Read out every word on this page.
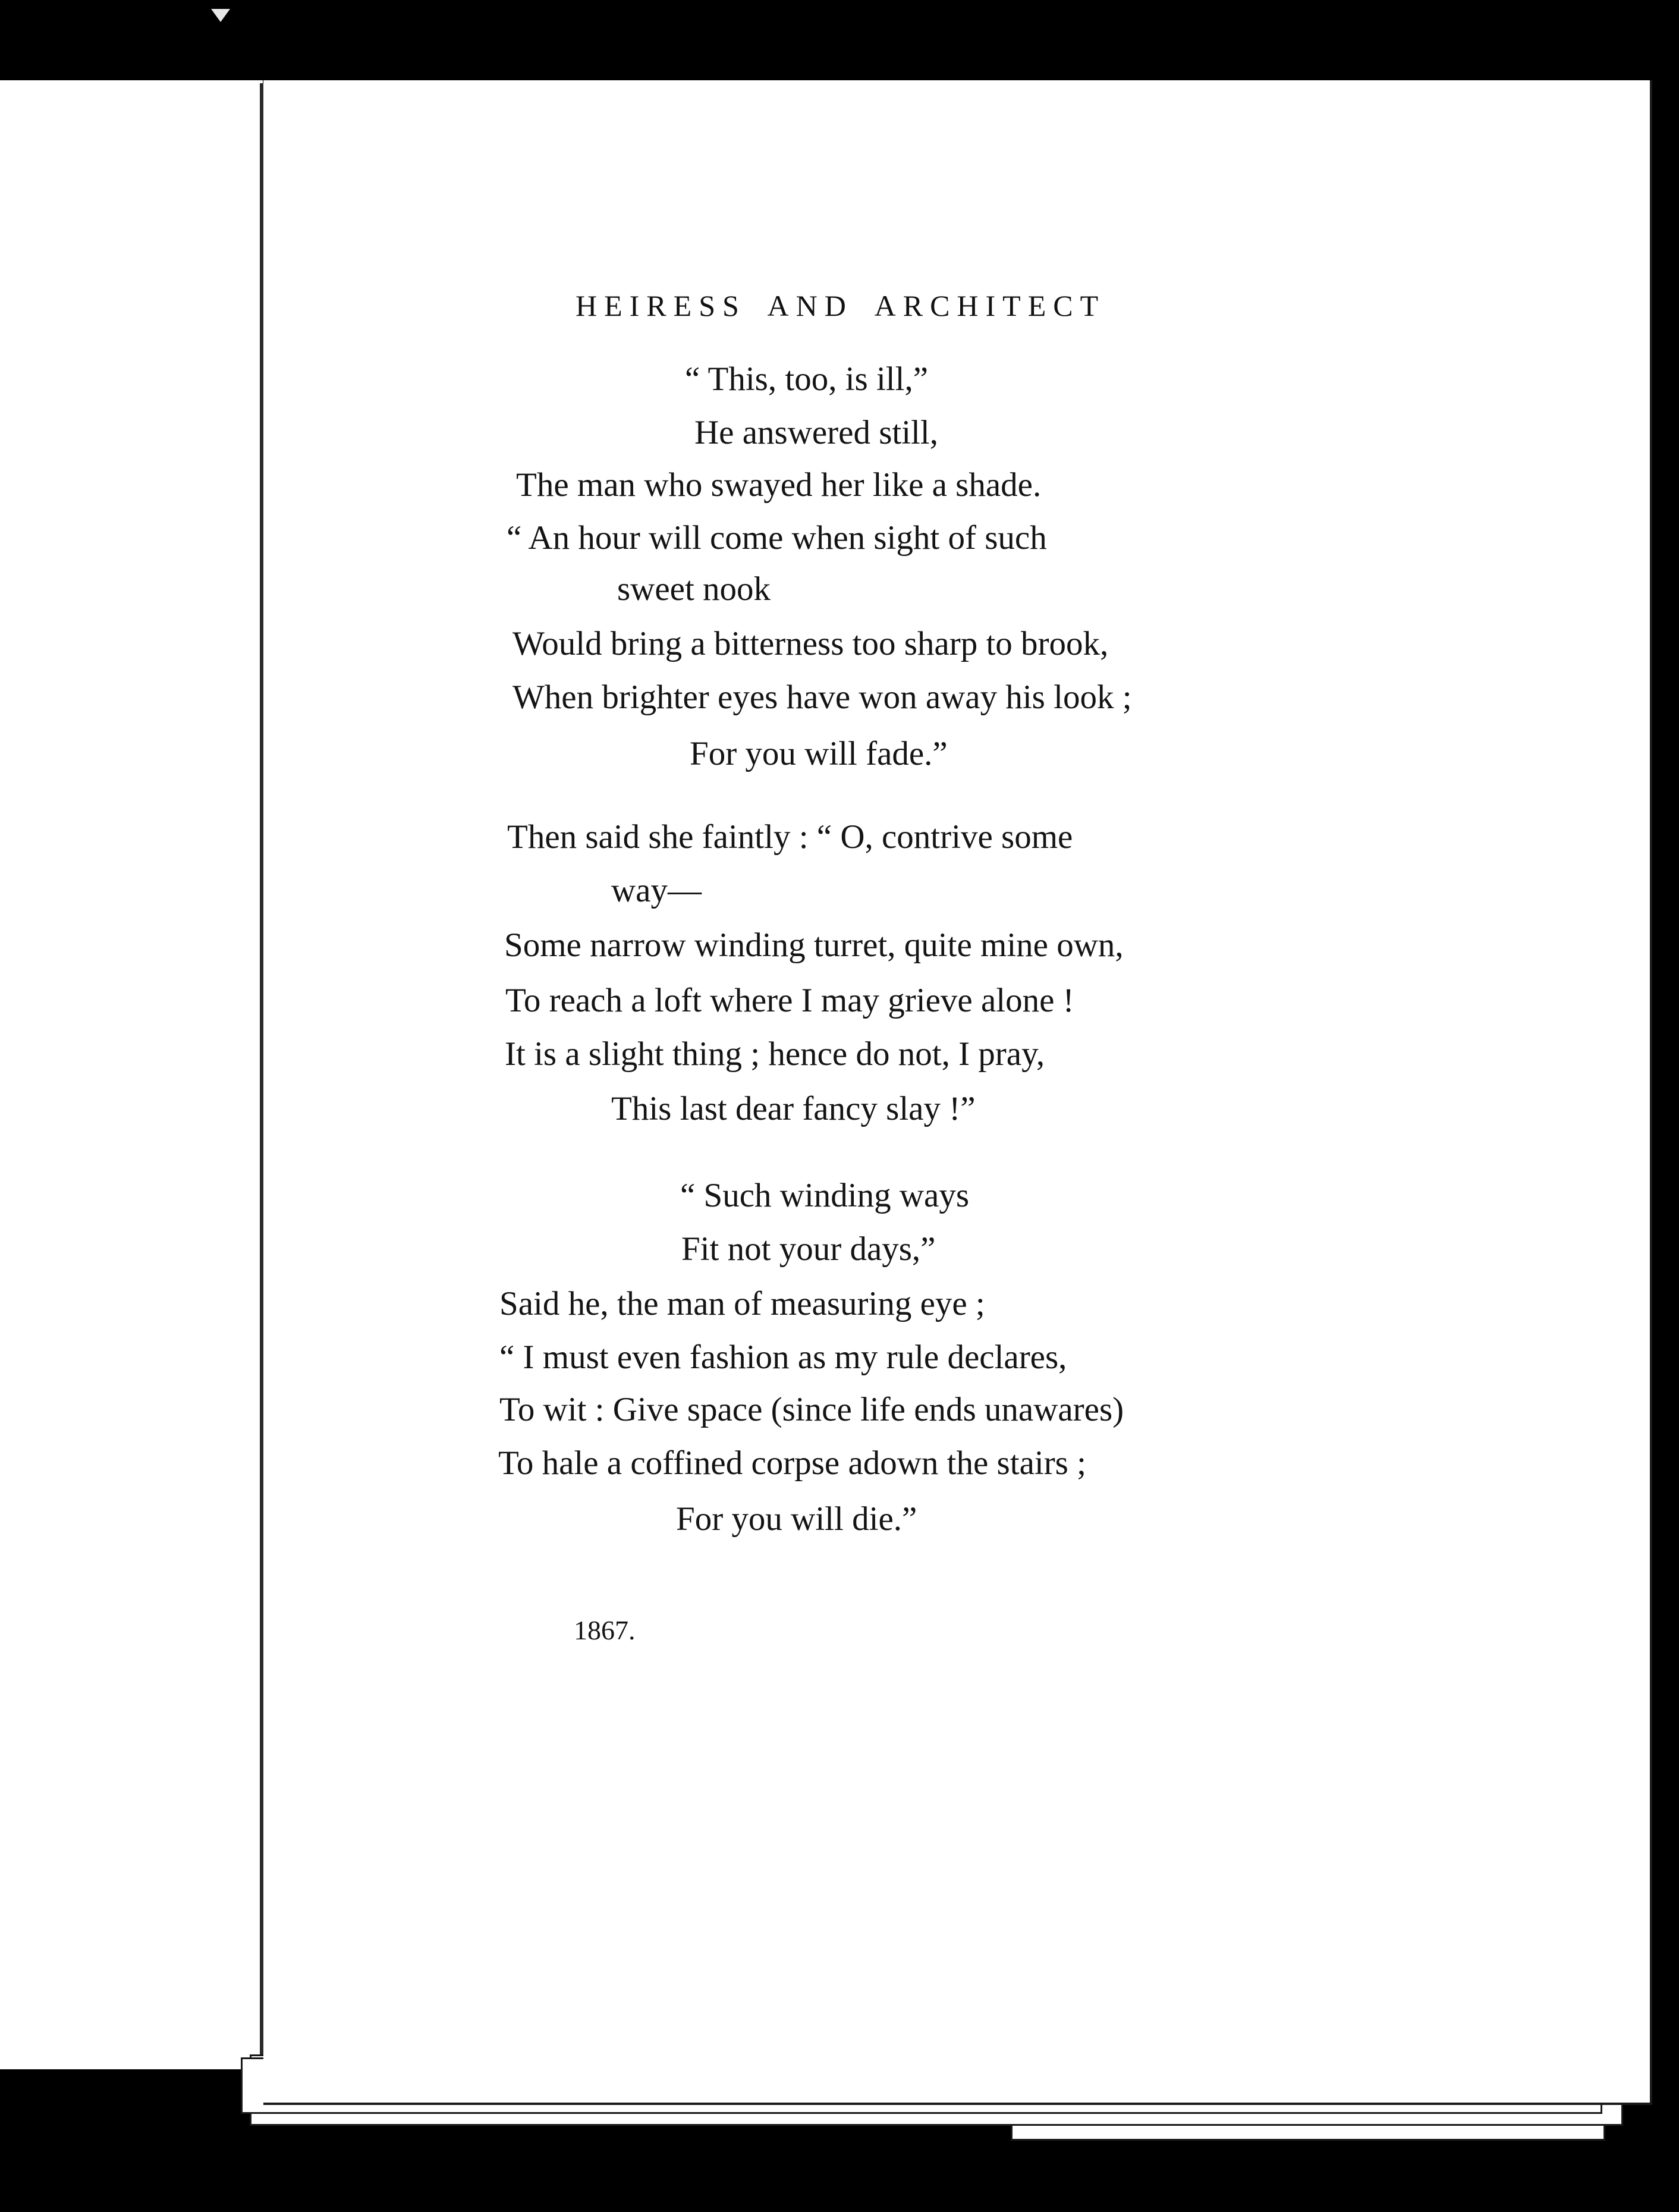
HEIRESS AND ARCHITECT
“ This, too, is ill,”
He answered still,
The man who swayed her like a shade.
“ An hour will come when sight of such
sweet nook
Would bring a bitterness too sharp to brook,
When brighter eyes have won away his look ;
For you will fade.”
Then said she faintly : “ O, contrive some
way—
Some narrow winding turret, quite mine own,
To reach a loft where I may grieve alone !
It is a slight thing ; hence do not, I pray,
This last dear fancy slay !”
“ Such winding ways
Fit not your days,”
Said he, the man of measuring eye ;
“ I must even fashion as my rule declares,
To wit : Give space (since life ends unawares)
To hale a coffined corpse adown the stairs ;
For you will die.”
1867.
